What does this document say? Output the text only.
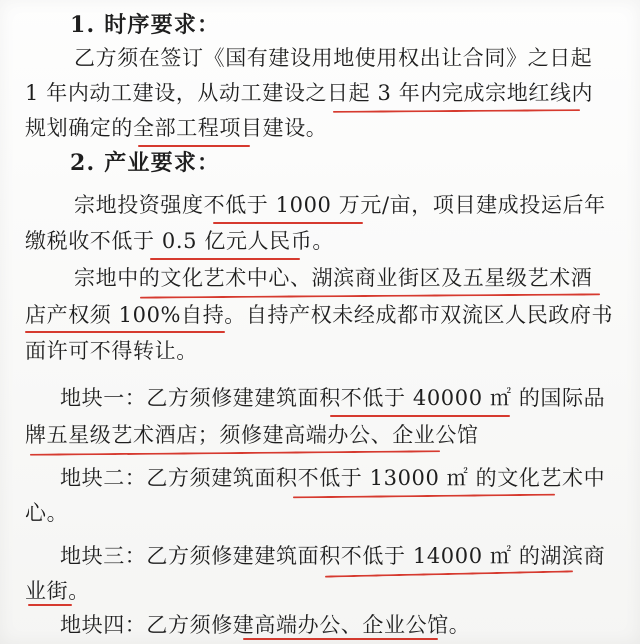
1. 时序要求：
乙方须在签订《国有建设用地使用权出让合同》之日起
1 年内动工建设，从动工建设之日起 3 年内完成宗地红线内
规划确定的全部工程项目建设。
2. 产业要求：
宗地投资强度不低于 1000 万元/亩，项目建成投运后年
缴税收不低于 0.5 亿元人民币。
宗地中的文化艺术中心、湖滨商业街区及五星级艺术酒
店产权须 100%自持。自持产权未经成都市双流区人民政府书
面许可不得转让。
地块一：乙方须修建建筑面积不低于 40000 ㎡ 的国际品
牌五星级艺术酒店；须修建高端办公、企业公馆
地块二：乙方须建筑面积不低于 13000 ㎡ 的文化艺术中
心。
地块三：乙方须修建建筑面积不低于 14000 ㎡ 的湖滨商
业街。
地块四：乙方须修建高端办公、企业公馆。
